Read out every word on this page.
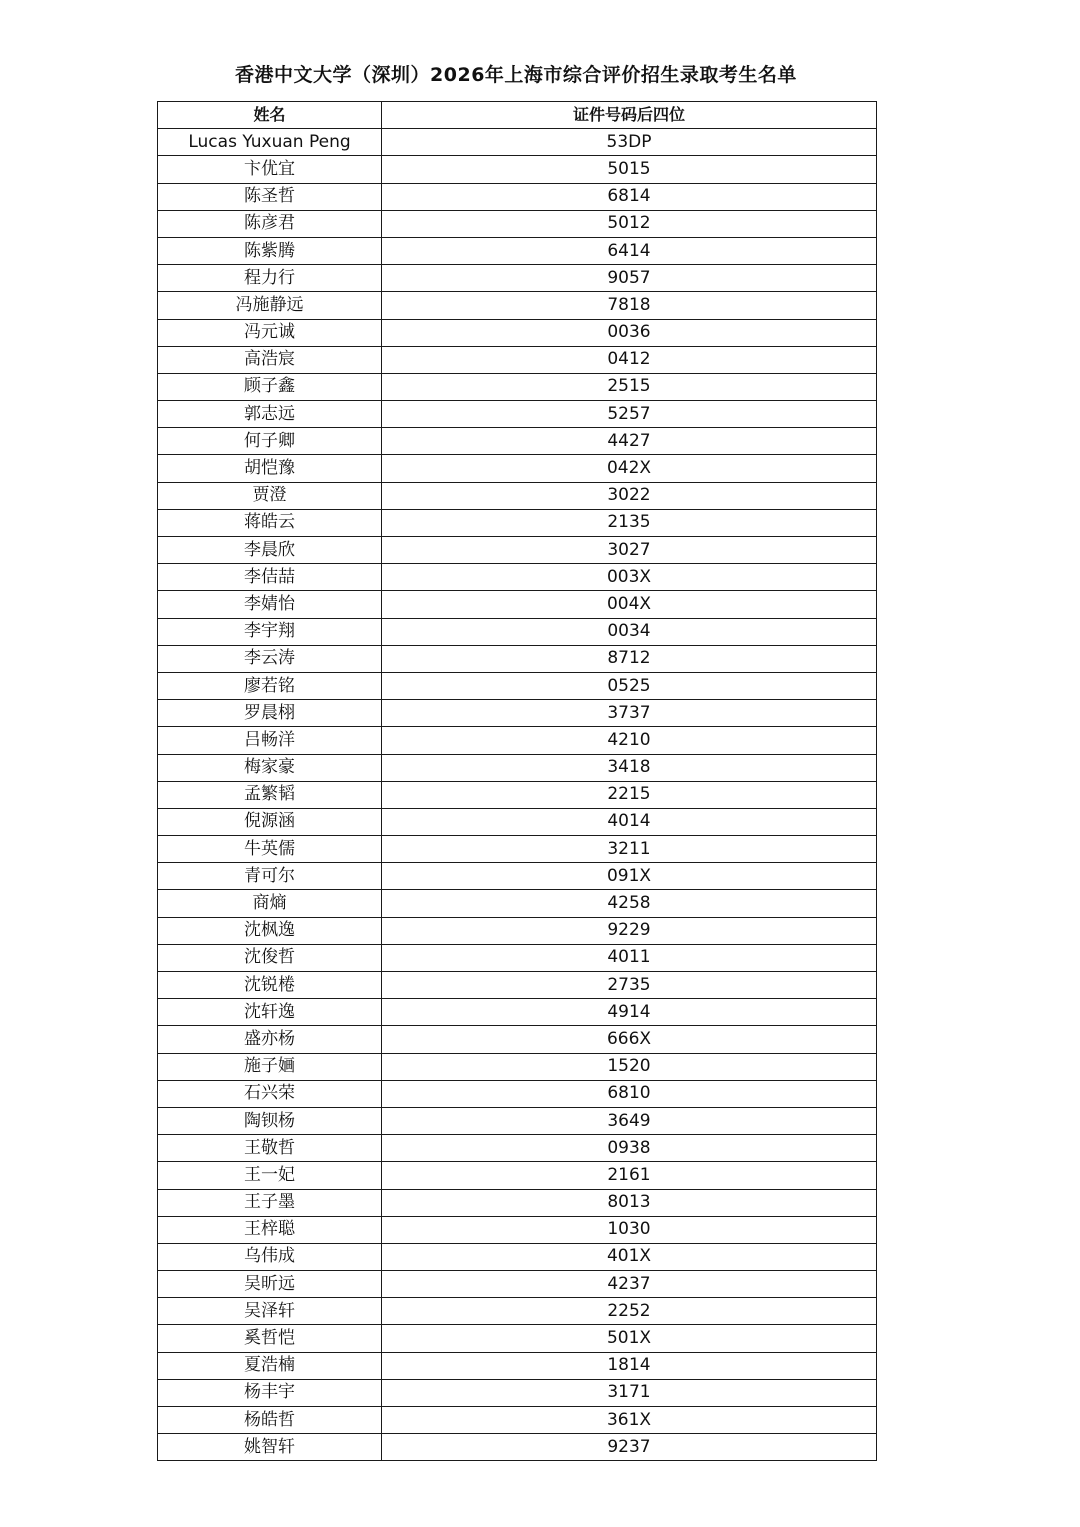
香港中文大学（深圳）2026年上海市综合评价招生录取考生名单
姓名	证件号码后四位
Lucas Yuxuan Peng	53DP
卞优宜	5015
陈圣哲	6814
陈彦君	5012
陈紫腾	6414
程力行	9057
冯施静远	7818
冯元诚	0036
高浩宸	0412
顾子鑫	2515
郭志远	5257
何子卿	4427
胡恺豫	042X
贾澄	3022
蒋皓云	2135
李晨欣	3027
李佶喆	003X
李婧怡	004X
李宇翔	0034
李云涛	8712
廖若铭	0525
罗晨栩	3737
吕畅洋	4210
梅家豪	3418
孟繁韬	2215
倪源涵	4014
牛英儒	3211
青可尔	091X
商熵	4258
沈枫逸	9229
沈俊哲	4011
沈锐棬	2735
沈轩逸	4914
盛亦杨	666X
施子婳	1520
石兴荣	6810
陶钡杨	3649
王敬哲	0938
王一妃	2161
王子墨	8013
王梓聪	1030
乌伟成	401X
吴昕远	4237
吴泽轩	2252
奚哲恺	501X
夏浩楠	1814
杨丰宇	3171
杨皓哲	361X
姚智轩	9237
